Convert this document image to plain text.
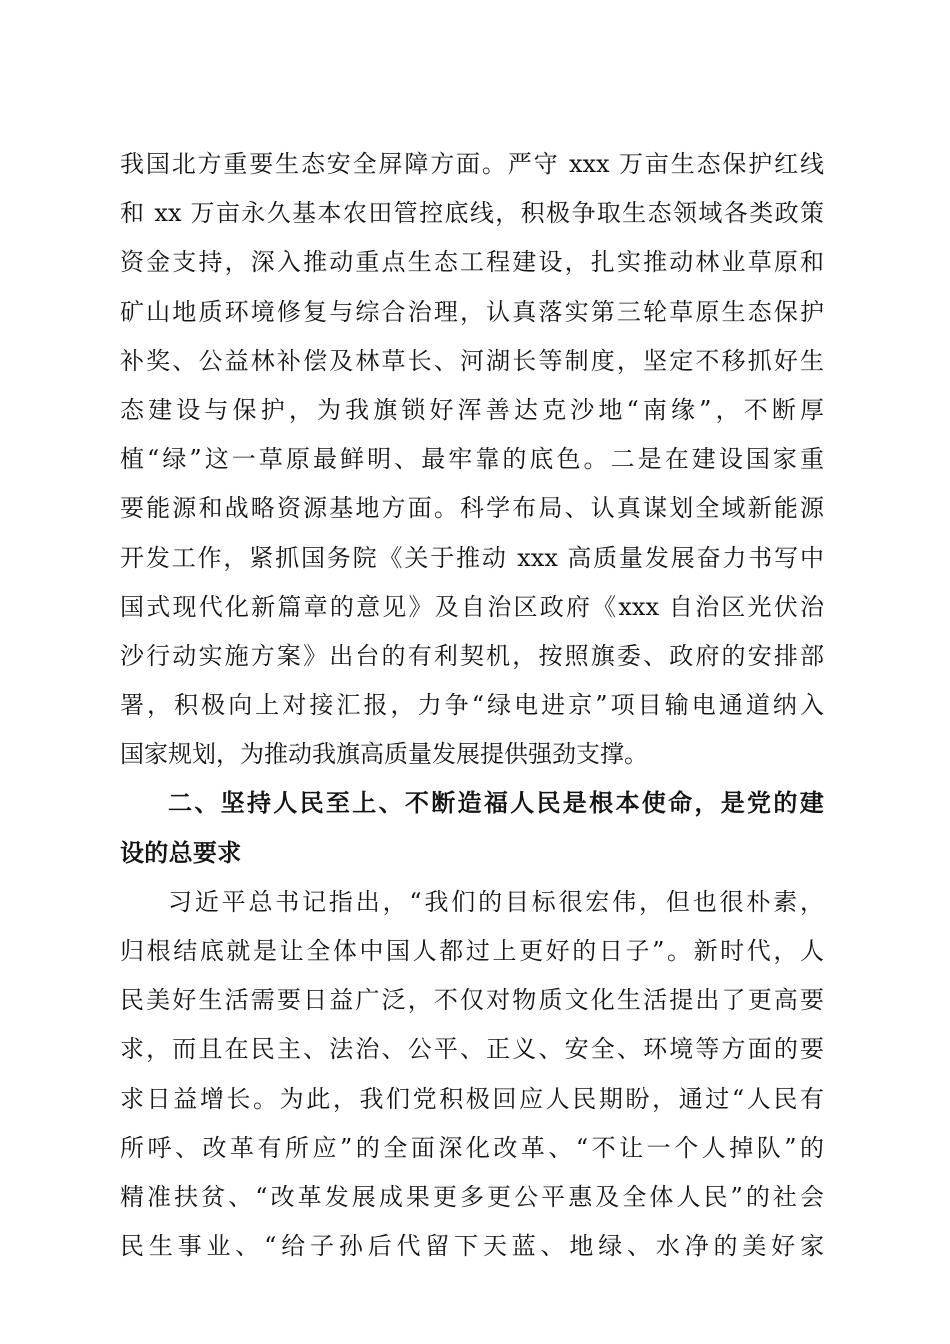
我国北方重要生态安全屏障方面。严守 xxx 万亩生态保护红线
和 xx 万亩永久基本农田管控底线，积极争取生态领域各类政策
资金支持，深入推动重点生态工程建设，扎实推动林业草原和
矿山地质环境修复与综合治理，认真落实第三轮草原生态保护
补奖、公益林补偿及林草长、河湖长等制度，坚定不移抓好生
态建设与保护，为我旗锁好浑善达克沙地“南缘”，不断厚
植“绿”这一草原最鲜明、最牢靠的底色。二是在建设国家重
要能源和战略资源基地方面。科学布局、认真谋划全域新能源
开发工作，紧抓国务院《关于推动 xxx 高质量发展奋力书写中
国式现代化新篇章的意见》及自治区政府《xxx 自治区光伏治
沙行动实施方案》出台的有利契机，按照旗委、政府的安排部
署，积极向上对接汇报，力争“绿电进京”项目输电通道纳入
国家规划，为推动我旗高质量发展提供强劲支撑。
二、坚持人民至上、不断造福人民是根本使命，是党的建
设的总要求
习近平总书记指出，“我们的目标很宏伟，但也很朴素，
归根结底就是让全体中国人都过上更好的日子”。新时代，人
民美好生活需要日益广泛，不仅对物质文化生活提出了更高要
求，而且在民主、法治、公平、正义、安全、环境等方面的要
求日益增长。为此，我们党积极回应人民期盼，通过“人民有
所呼、改革有所应”的全面深化改革、“不让一个人掉队”的
精准扶贫、“改革发展成果更多更公平惠及全体人民”的社会
民生事业、“给子孙后代留下天蓝、地绿、水净的美好家
